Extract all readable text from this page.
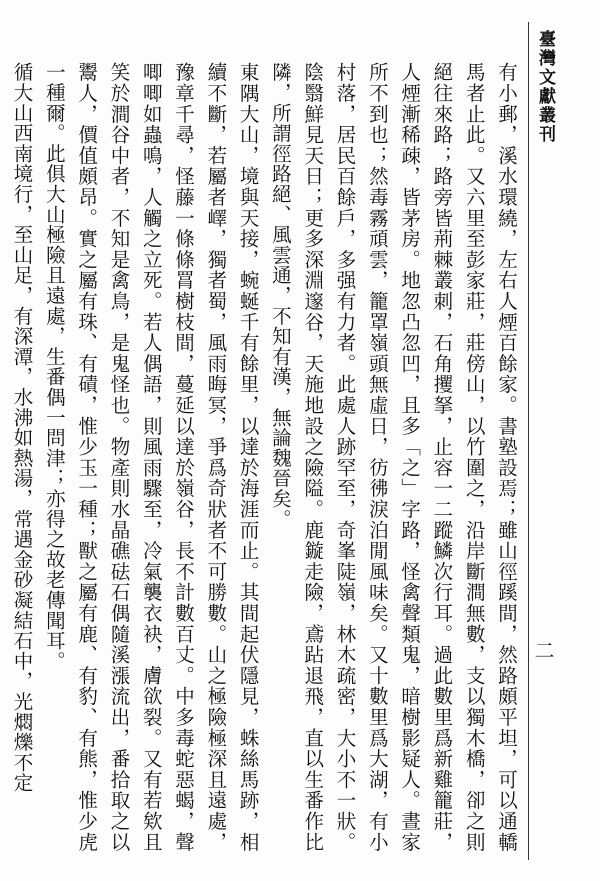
臺灣文獻叢刊
二

有小郵，溪水環繞，左右人煙百餘家。書塾設焉；雖山徑蹊間，然路頗平坦，可以通轎馬者止此。又六里至彭家莊，莊傍山，以竹圍之，沿岸斷澗無數，支以獨木橋，卻之則絕往來路；路旁皆荊棘叢刺，石角攫拏，止容一二蹤鱗次行耳。過此數里爲新雞籠莊，人煙漸稀疎，皆茅房。地忽凸忽凹，且多「之」字路，怪禽聲類鬼，暗樹影疑人。晝家所不到也；然毒霧頑雲，籠罩嶺頭無虛日，彷彿淚泊閒風味矣。又十數里爲大湖，有小村落，居民百餘戶，多强有力者。此處人跡罕至，奇峯陡嶺，林木疏密，大小不一狀。陰翳鮮見天日；更多深淵邃谷，天施地設之險隘。鹿鏇走險，鳶跕退飛，直以生番作比隣，所謂徑路絕、風雲通，不知有漢，無論魏晉矣。

東隅大山，境與天接，蜿蜒千有餘里，以達於海涯而止。其間起伏隱見，蛛絲馬跡，相續不斷，若屬者嶧，獨者蜀，風雨晦冥，爭爲奇狀者不可勝數。山之極險極深且遠處，豫章千尋，怪藤一條條罥樹枝間，蔓延以達於嶺谷，長不計數百丈。中多毒蛇惡蝎，聲唧唧如蟲鳴，人觸之立死。若人偶語，則風雨驟至，冷氣襲衣袂，膚欲裂。又有若欸且笑於澗谷中者，不知是禽鳥，是鬼怪也。物產則水晶礁砝石偶隨溪漲流出，番拾取之以鬻人，價值頗昂。實之屬有珠、有磧，惟少玉一種；獸之屬有鹿、有豹、有熊，惟少虎一種爾。此俱大山極險且遠處，生番偶一問津；亦得之故老傳聞耳。

循大山西南境行，至山足，有深潭，水沸如熱湯，常遇金砂凝結石中，光燜爍不定
